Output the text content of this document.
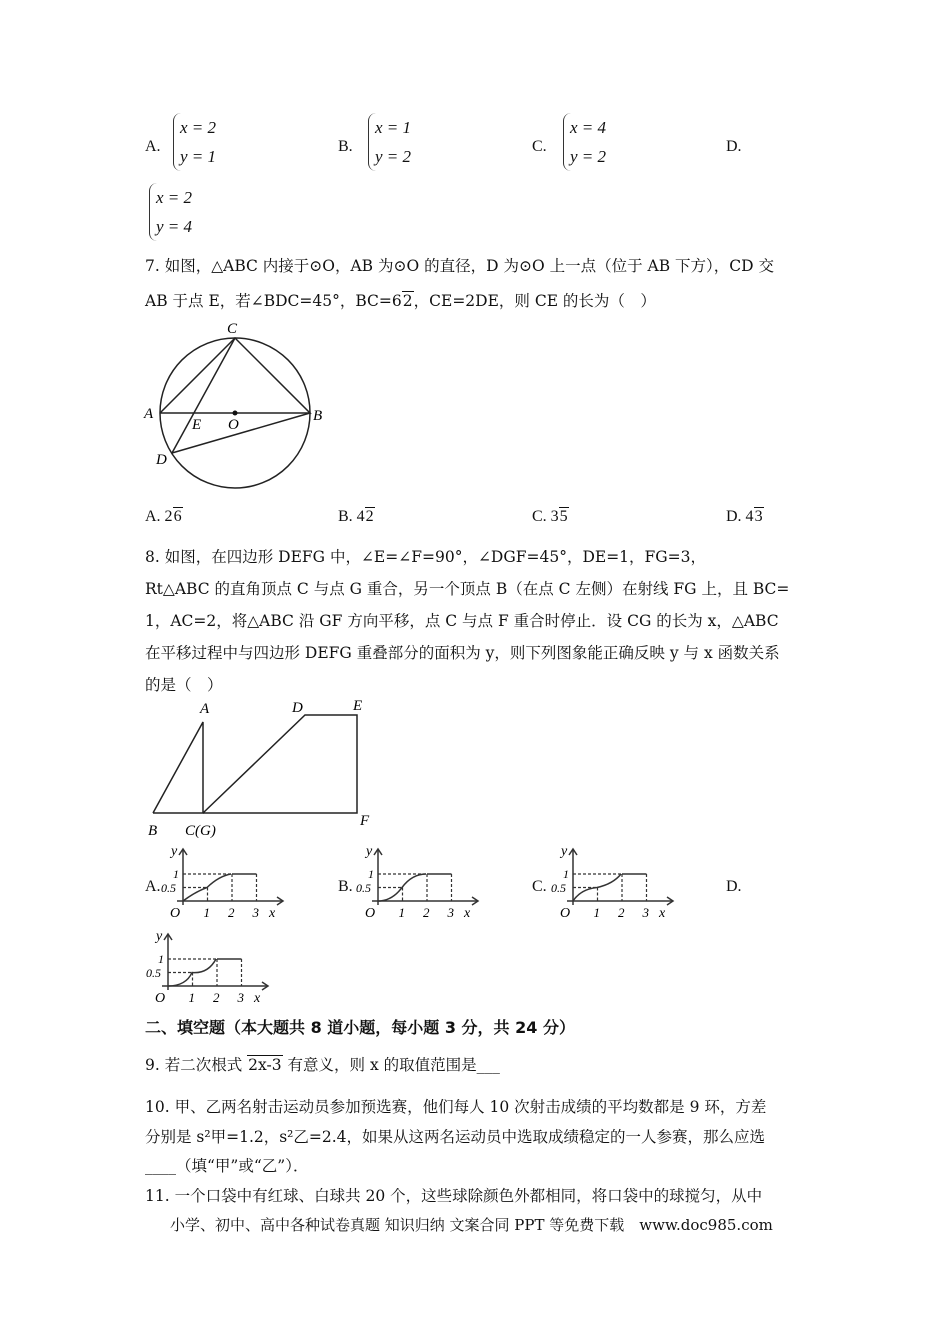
A.
x = 2
y = 1
B.
x = 1
y = 2
C.
x = 4
y = 2
D.
x = 2
y = 4
7. 如图，△ABC 内接于⊙O，AB 为⊙O 的直径，D 为⊙O 上一点（位于 AB 下方），CD 交
AB 于点 E，若∠BDC=45°，BC=62，CE=2DE，则 CE 的长为（　）
C
A	B
E O
D
A. 26	B. 42	C. 35	D. 43
8. 如图，在四边形 DEFG 中，∠E=∠F=90°，∠DGF=45°，DE=1，FG=3，
Rt△ABC 的直角顶点 C 与点 G 重合，另一个顶点 B（在点 C 左侧）在射线 FG 上，且 BC=
1，AC=2，将△ABC 沿 GF 方向平移，点 C 与点 F 重合时停止．设 CG 的长为 x，△ABC
在平移过程中与四边形 DEFG 重叠部分的面积为 y，则下列图象能正确反映 y 与 x 函数关系
的是（　）
A
B C(G)
D	E
F
A.	B.	C.	D.
y
1
0.5
O 1 2 3 x
y
1
0.5
O 1 2 3 x
y
1
0.5
O 1 2 3 x
y
1
0.5
O 1 2 3 x
二、填空题（本大题共 8 道小题，每小题 3 分，共 24 分）
9. 若二次根式 2x-3 有意义，则 x 的取值范围是___
10. 甲、乙两名射击运动员参加预选赛，他们每人 10 次射击成绩的平均数都是 9 环，方差
分别是 s²甲=1.2，s²乙=2.4，如果从这两名运动员中选取成绩稳定的一人参赛，那么应选
____（填“甲”或“乙”）．
11. 一个口袋中有红球、白球共 20 个，这些球除颜色外都相同，将口袋中的球搅匀，从中
小学、初中、高中各种试卷真题 知识归纳 文案合同 PPT 等免费下载　www.doc985.com
